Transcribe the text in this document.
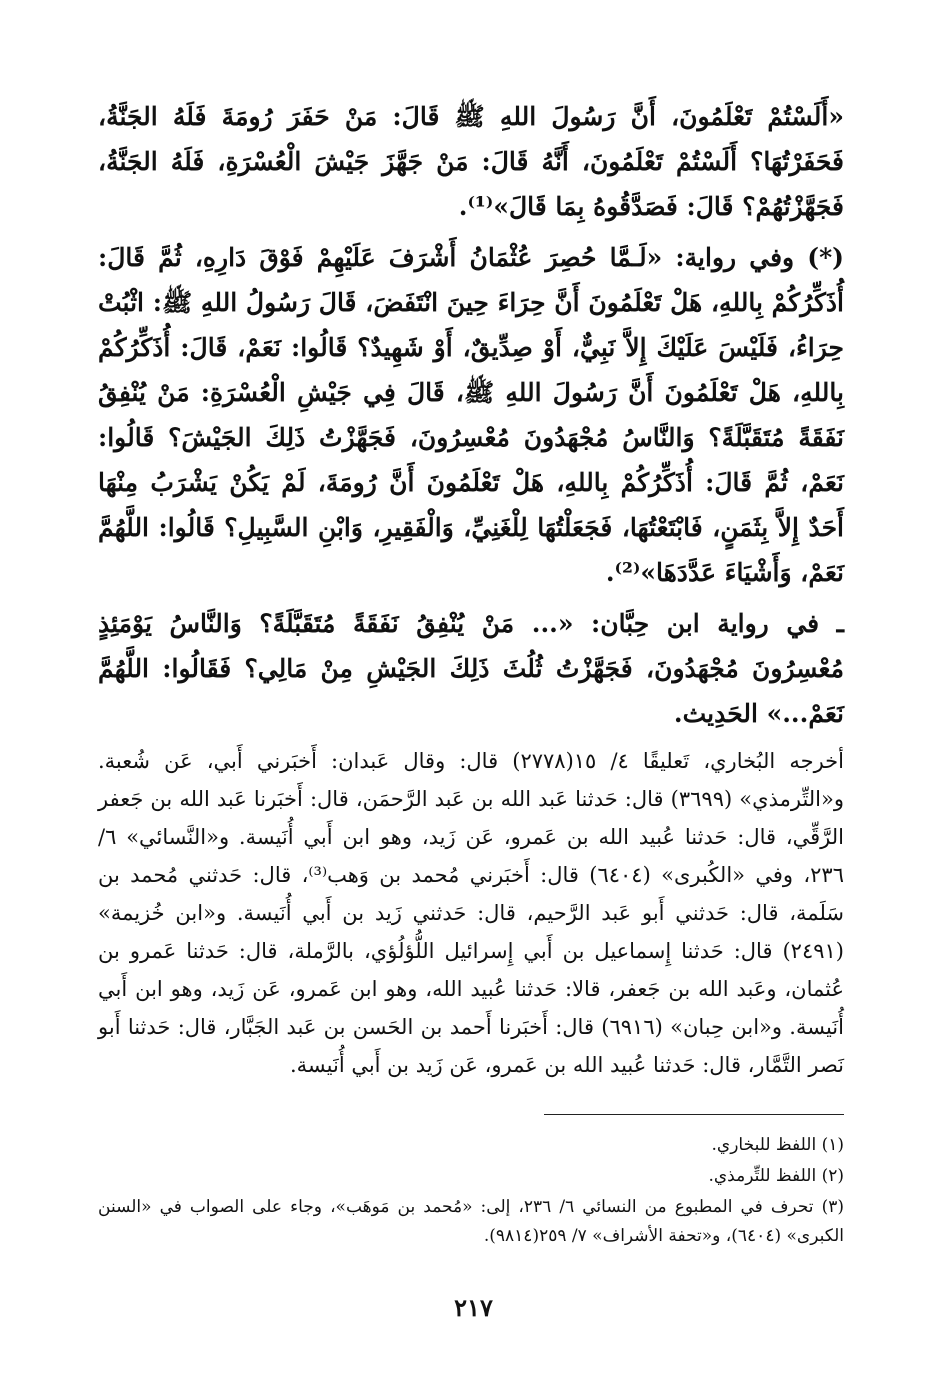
«أَلَسْتُمْ تَعْلَمُونَ، أَنَّ رَسُولَ اللهِ ﷺ قَالَ: مَنْ حَفَرَ رُومَةَ فَلَهُ الجَنَّةُ، فَحَفَرْتُهَا؟ أَلَسْتُمْ تَعْلَمُونَ، أَنَّهُ قَالَ: مَنْ جَهَّزَ جَيْشَ الْعُسْرَةِ، فَلَهُ الجَنَّةُ، فَجَهَّزْتُهُمْ؟ قَالَ: فَصَدَّقُوهُ بِمَا قَالَ»⁽¹⁾.

(*) وفي رواية: «لَـمَّا حُصِرَ عُثْمَانُ أَشْرَفَ عَلَيْهِمْ فَوْقَ دَارِهِ، ثُمَّ قَالَ: أُذَكِّرُكُمْ بِاللهِ، هَلْ تَعْلَمُونَ أَنَّ حِرَاءَ حِينَ انْتَفَضَ، قَالَ رَسُولُ اللهِ ﷺ: اثْبُتْ حِرَاءُ، فَلَيْسَ عَلَيْكَ إِلاَّ نَبِيٌّ، أَوْ صِدِّيقٌ، أَوْ شَهِيدٌ؟ قَالُوا: نَعَمْ، قَالَ: أُذَكِّرُكُمْ بِاللهِ، هَلْ تَعْلَمُونَ أَنَّ رَسُولَ اللهِ ﷺ، قَالَ فِي جَيْشِ الْعُسْرَةِ: مَنْ يُنْفِقُ نَفَقَةً مُتَقَبَّلَةً؟ وَالنَّاسُ مُجْهَدُونَ مُعْسِرُونَ، فَجَهَّزْتُ ذَلِكَ الجَيْشَ؟ قَالُوا: نَعَمْ، ثُمَّ قَالَ: أُذَكِّرُكُمْ بِاللهِ، هَلْ تَعْلَمُونَ أَنَّ رُومَةَ، لَمْ يَكُنْ يَشْرَبُ مِنْهَا أَحَدٌ إِلاَّ بِثَمَنٍ، فَابْتَعْتُهَا، فَجَعَلْتُهَا لِلْغَنِيِّ، وَالْفَقِيرِ، وَابْنِ السَّبِيلِ؟ قَالُوا: اللَّهُمَّ نَعَمْ، وَأَشْيَاءَ عَدَّدَهَا»⁽²⁾.

ـ في رواية ابن حِبَّان: «... مَنْ يُنْفِقُ نَفَقَةً مُتَقَبَّلَةً؟ وَالنَّاسُ يَوْمَئِذٍ مُعْسِرُونَ مُجْهَدُونَ، فَجَهَّزْتُ ثُلُثَ ذَلِكَ الجَيْشِ مِنْ مَالِي؟ فَقَالُوا: اللَّهُمَّ نَعَمْ...» الحَدِيث.

أخرجه البُخاري، تَعليقًا ٤/ ١٥(٢٧٧٨) قال: وقال عَبدان: أَخبَرني أَبي، عَن شُعبة. و«التِّرمذي» (٣٦٩٩) قال: حَدثنا عَبد الله بن عَبد الرَّحمَن، قال: أَخبَرنا عَبد الله بن جَعفر الرَّقِّي، قال: حَدثنا عُبيد الله بن عَمرو، عَن زَيد، وهو ابن أَبي أُنَيسة. و«النَّسائي» ٦/ ٢٣٦، وفي «الكُبرى» (٦٤٠٤) قال: أَخبَرني مُحمد بن وَهب⁽³⁾، قال: حَدثني مُحمد بن سَلَمة، قال: حَدثني أَبو عَبد الرَّحيم، قال: حَدثني زَيد بن أَبي أُنَيسة. و«ابن خُزيمة» (٢٤٩١) قال: حَدثنا إِسماعيل بن أَبي إِسرائيل اللُّؤلُؤي، بالرَّملة، قال: حَدثنا عَمرو بن عُثمان، وعَبد الله بن جَعفر، قالا: حَدثنا عُبيد الله، وهو ابن عَمرو، عَن زَيد، وهو ابن أَبي أُنَيسة. و«ابن حِبان» (٦٩١٦) قال: أَخبَرنا أَحمد بن الحَسن بن عَبد الجَبَّار، قال: حَدثنا أَبو نَصر التَّمَّار، قال: حَدثنا عُبيد الله بن عَمرو، عَن زَيد بن أَبي أُنَيسة.

(١) اللفظ للبخاري.

(٢) اللفظ للتِّرمذي.

(٣) تحرف في المطبوع من النسائي ٦/ ٢٣٦، إلى: «مُحمد بن مَوهَب»، وجاء على الصواب في «السنن الكبرى» (٦٤٠٤)، و«تحفة الأشراف» ٧/ ٢٥٩(٩٨١٤).

٢١٧
